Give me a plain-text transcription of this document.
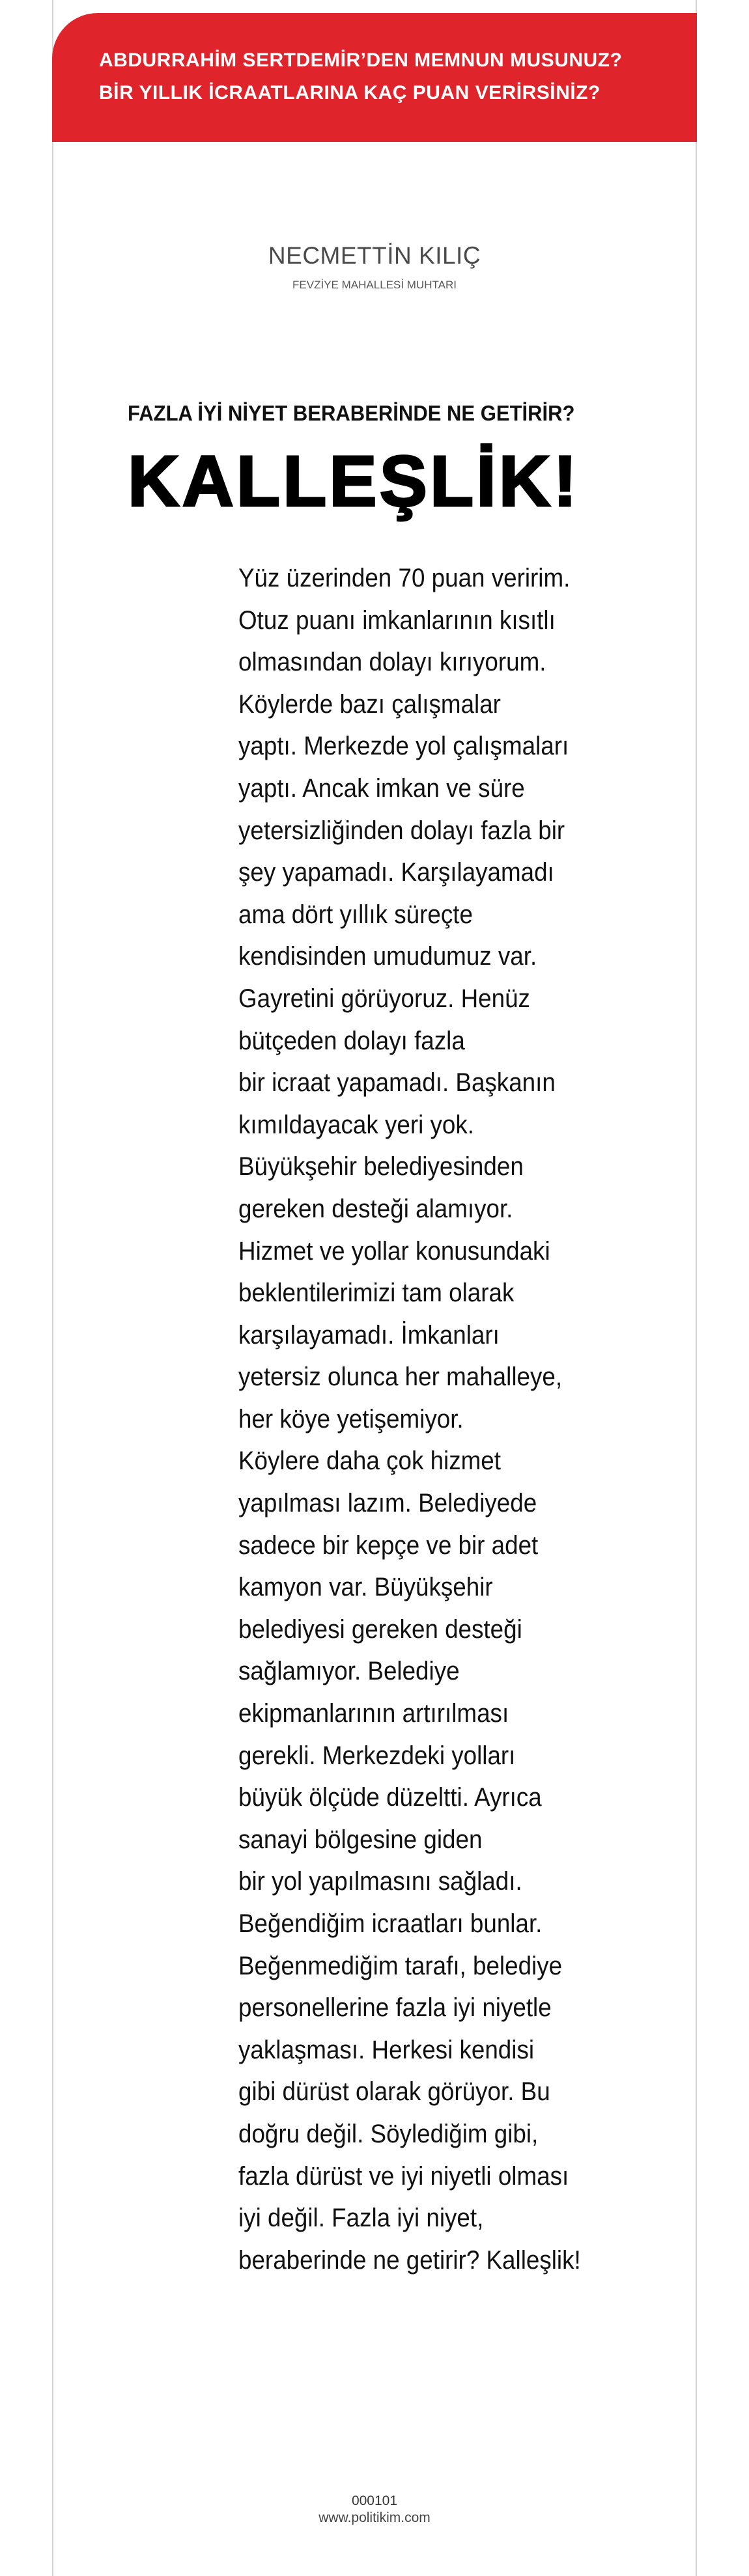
ABDURRAHİM SERTDEMİR’DEN MEMNUN MUSUNUZ?
BİR YILLIK İCRAATLARINA KAÇ PUAN VERİRSİNİZ?
NECMETTİN KILIÇ
FEVZİYE MAHALLESİ MUHTARI
FAZLA İYİ NİYET BERABERİNDE NE GETİRİR?
KALLEŞLİK!
Yüz üzerinden 70 puan veririm.
Otuz puanı imkanlarının kısıtlı
olmasından dolayı kırıyorum.
Köylerde bazı çalışmalar
yaptı. Merkezde yol çalışmaları
yaptı. Ancak imkan ve süre
yetersizliğinden dolayı fazla bir
şey yapamadı. Karşılayamadı
ama dört yıllık süreçte
kendisinden umudumuz var.
Gayretini görüyoruz. Henüz
bütçeden dolayı fazla
bir icraat yapamadı. Başkanın
kımıldayacak yeri yok.
Büyükşehir belediyesinden
gereken desteği alamıyor.
Hizmet ve yollar konusundaki
beklentilerimizi tam olarak
karşılayamadı. İmkanları
yetersiz olunca her mahalleye,
her köye yetişemiyor.
Köylere daha çok hizmet
yapılması lazım. Belediyede
sadece bir kepçe ve bir adet
kamyon var. Büyükşehir
belediyesi gereken desteği
sağlamıyor. Belediye
ekipmanlarının artırılması
gerekli. Merkezdeki yolları
büyük ölçüde düzeltti. Ayrıca
sanayi bölgesine giden
bir yol yapılmasını sağladı.
Beğendiğim icraatları bunlar.
Beğenmediğim tarafı, belediye
personellerine fazla iyi niyetle
yaklaşması. Herkesi kendisi
gibi dürüst olarak görüyor. Bu
doğru değil. Söylediğim gibi,
fazla dürüst ve iyi niyetli olması
iyi değil. Fazla iyi niyet,
beraberinde ne getirir? Kalleşlik!
000101
www.politikim.com
